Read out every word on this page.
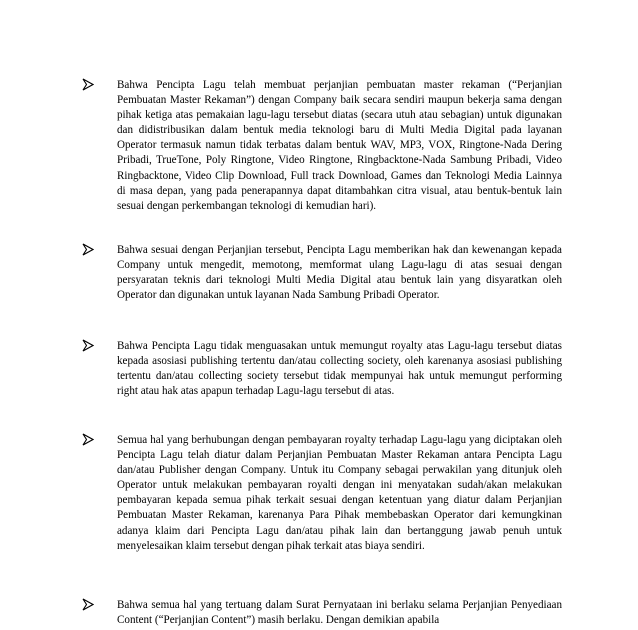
Bahwa Pencipta Lagu telah membuat perjanjian pembuatan master rekaman (“Perjanjian Pembuatan Master Rekaman”) dengan Company baik secara sendiri maupun bekerja sama dengan pihak ketiga atas pemakaian lagu-lagu tersebut diatas (secara utuh atau sebagian) untuk digunakan dan didistribusikan dalam bentuk media teknologi baru di Multi Media Digital pada layanan Operator termasuk namun tidak terbatas dalam bentuk WAV, MP3, VOX, Ringtone-Nada Dering Pribadi, TrueTone, Poly Ringtone, Video Ringtone, Ringbacktone-Nada Sambung Pribadi, Video Ringbacktone, Video Clip Download, Full track Download, Games dan Teknologi Media Lainnya di masa depan, yang pada penerapannya dapat ditambahkan citra visual, atau bentuk-bentuk lain sesuai dengan perkembangan teknologi di kemudian hari).

Bahwa sesuai dengan Perjanjian tersebut, Pencipta Lagu memberikan hak dan kewenangan kepada Company untuk mengedit, memotong, memformat ulang Lagu-lagu di atas sesuai dengan persyaratan teknis dari teknologi Multi Media Digital atau bentuk lain yang disyaratkan oleh Operator dan digunakan untuk layanan Nada Sambung Pribadi Operator.

Bahwa Pencipta Lagu tidak menguasakan untuk memungut royalty atas Lagu-lagu tersebut diatas kepada asosiasi publishing tertentu dan/atau collecting society, oleh karenanya asosiasi publishing tertentu dan/atau collecting society tersebut tidak mempunyai hak untuk memungut performing right atau hak atas apapun terhadap Lagu-lagu tersebut di atas.

Semua hal yang berhubungan dengan pembayaran royalty terhadap Lagu-lagu yang diciptakan oleh Pencipta Lagu telah diatur dalam Perjanjian Pembuatan Master Rekaman antara Pencipta Lagu dan/atau Publisher dengan Company. Untuk itu Company sebagai perwakilan yang ditunjuk oleh Operator untuk melakukan pembayaran royalti dengan ini menyatakan sudah/akan melakukan pembayaran kepada semua pihak terkait sesuai dengan ketentuan yang diatur dalam Perjanjian Pembuatan Master Rekaman, karenanya Para Pihak membebaskan Operator dari kemungkinan adanya klaim dari Pencipta Lagu dan/atau pihak lain dan bertanggung jawab penuh untuk menyelesaikan klaim tersebut dengan pihak terkait atas biaya sendiri.

Bahwa semua hal yang tertuang dalam Surat Pernyataan ini berlaku selama Perjanjian Penyediaan Content (“Perjanjian Content”) masih berlaku. Dengan demikian apabila
